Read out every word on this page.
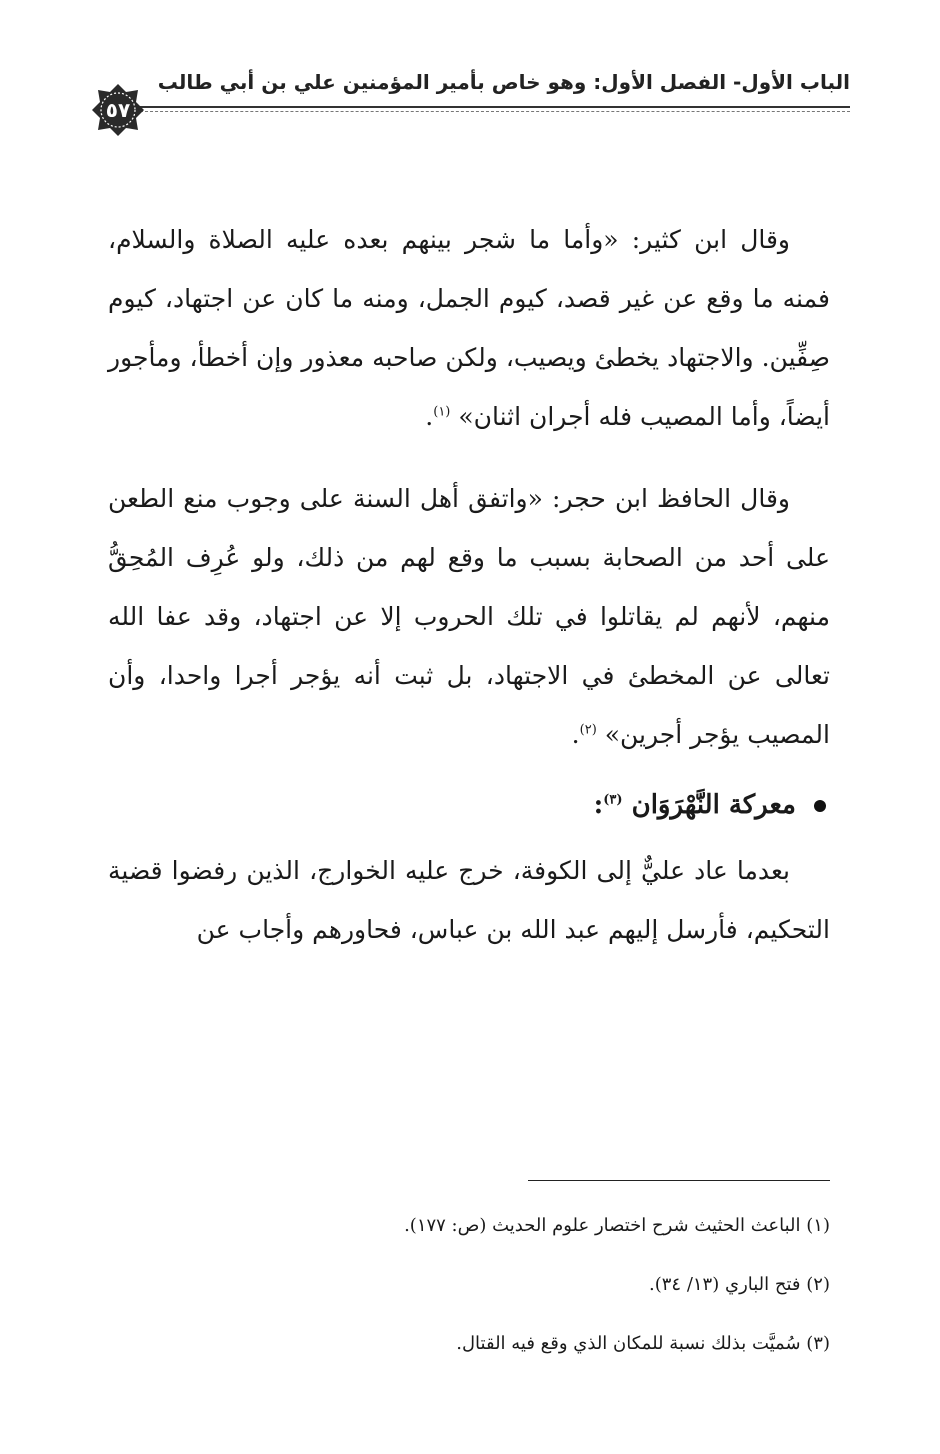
الباب الأول- الفصل الأول: وهو خاص بأمير المؤمنين علي بن أبي طالب
٥٧

وقال ابن كثير: «وأما ما شجر بينهم بعده عليه الصلاة والسلام، فمنه ما وقع عن غير قصد، كيوم الجمل، ومنه ما كان عن اجتهاد، كيوم صِفِّين. والاجتهاد يخطئ ويصيب، ولكن صاحبه معذور وإن أخطأ، ومأجور أيضاً، وأما المصيب فله أجران اثنان» $^{(١)}$.

وقال الحافظ ابن حجر: «واتفق أهل السنة على وجوب منع الطعن على أحد من الصحابة بسبب ما وقع لهم من ذلك، ولو عُرِف المُحِقُّ منهم، لأنهم لم يقاتلوا في تلك الحروب إلا عن اجتهاد، وقد عفا الله تعالى عن المخطئ في الاجتهاد، بل ثبت أنه يؤجر أجرا واحدا، وأن المصيب يؤجر أجرين» $^{(٢)}$.

معركة النَّهْرَوَان $^{(٣)}$:

بعدما عاد عليٌّ إلى الكوفة، خرج عليه الخوارج، الذين رفضوا قضية التحكيم، فأرسل إليهم عبد الله بن عباس، فحاورهم وأجاب عن

(١) الباعث الحثيث شرح اختصار علوم الحديث (ص: ١٧٧).

(٢) فتح الباري (١٣/ ٣٤).

(٣) سُميَّت بذلك نسبة للمكان الذي وقع فيه القتال.
